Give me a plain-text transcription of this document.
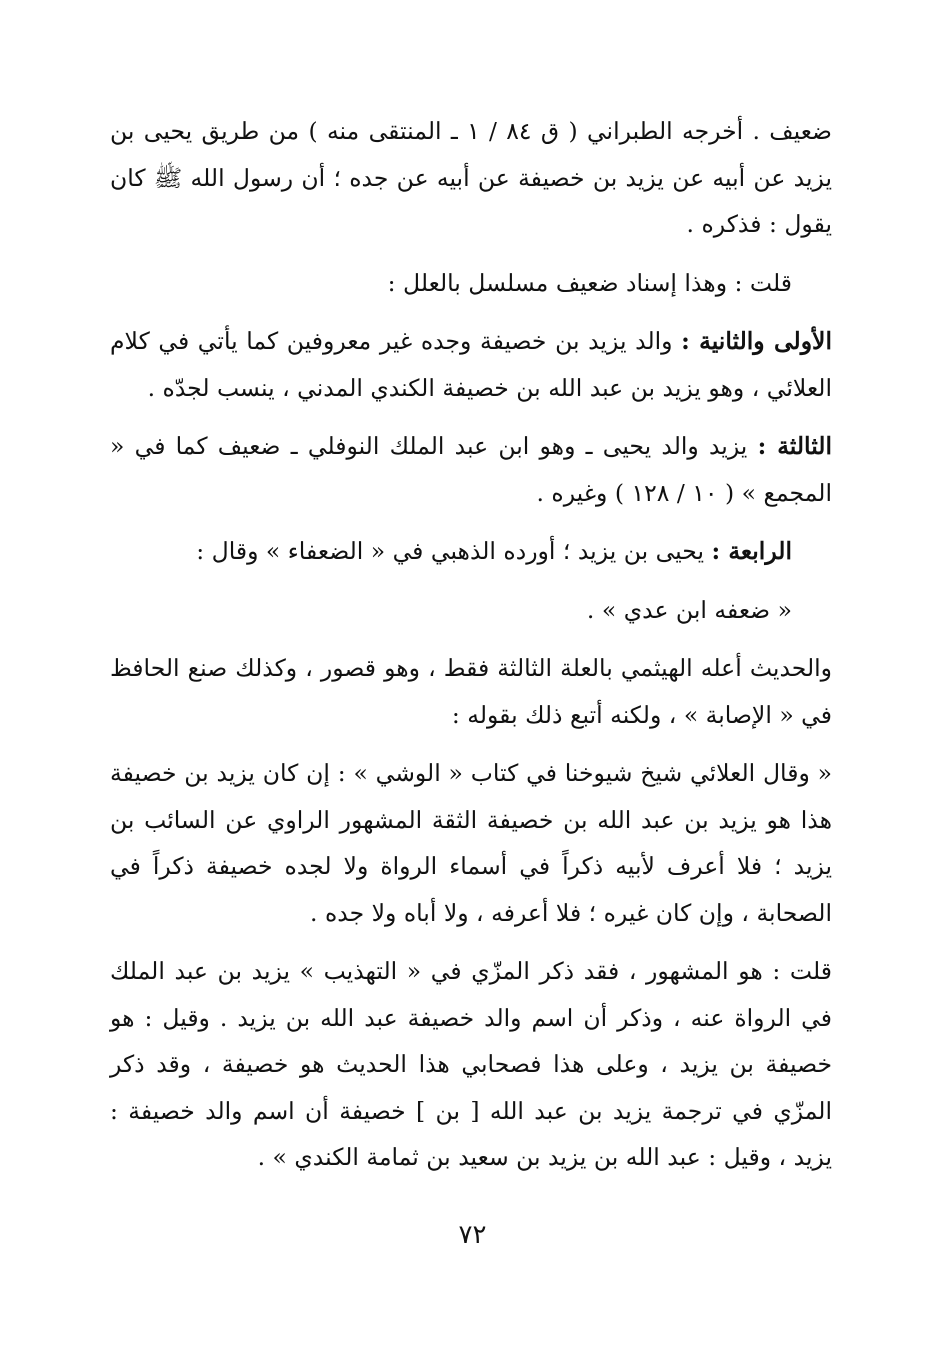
ضعيف . أخرجه الطبراني ( ق ٨٤ / ١ ـ المنتقى منه ) من طريق يحيى بن يزيد عن أبيه عن يزيد بن خصيفة عن أبيه عن جده ؛ أن رسول الله ﷺ كان يقول : فذكره .

قلت : وهذا إسناد ضعيف مسلسل بالعلل :

الأولى والثانية : والد يزيد بن خصيفة وجده غير معروفين كما يأتي في كلام العلائي ، وهو يزيد بن عبد الله بن خصيفة الكندي المدني ، ينسب لجدّه .

الثالثة : يزيد والد يحيى ـ وهو ابن عبد الملك النوفلي ـ ضعيف كما في « المجمع » ( ١٠ / ١٢٨ ) وغيره .

الرابعة : يحيى بن يزيد ؛ أورده الذهبي في « الضعفاء » وقال :

« ضعفه ابن عدي » .

والحديث أعله الهيثمي بالعلة الثالثة فقط ، وهو قصور ، وكذلك صنع الحافظ في « الإصابة » ، ولكنه أتبع ذلك بقوله :

« وقال العلائي شيخ شيوخنا في كتاب « الوشي » : إن كان يزيد بن خصيفة هذا هو يزيد بن عبد الله بن خصيفة الثقة المشهور الراوي عن السائب بن يزيد ؛ فلا أعرف لأبيه ذكراً في أسماء الرواة ولا لجده خصيفة ذكراً في الصحابة ، وإن كان غيره ؛ فلا أعرفه ، ولا أباه ولا جده .

قلت : هو المشهور ، فقد ذكر المزّي في « التهذيب » يزيد بن عبد الملك في الرواة عنه ، وذكر أن اسم والد خصيفة عبد الله بن يزيد . وقيل : هو خصيفة بن يزيد ، وعلى هذا فصحابي هذا الحديث هو خصيفة ، وقد ذكر المزّي في ترجمة يزيد بن عبد الله [ بن ] خصيفة أن اسم والد خصيفة : يزيد ، وقيل : عبد الله بن يزيد بن سعيد بن ثمامة الكندي » .

٧٢
